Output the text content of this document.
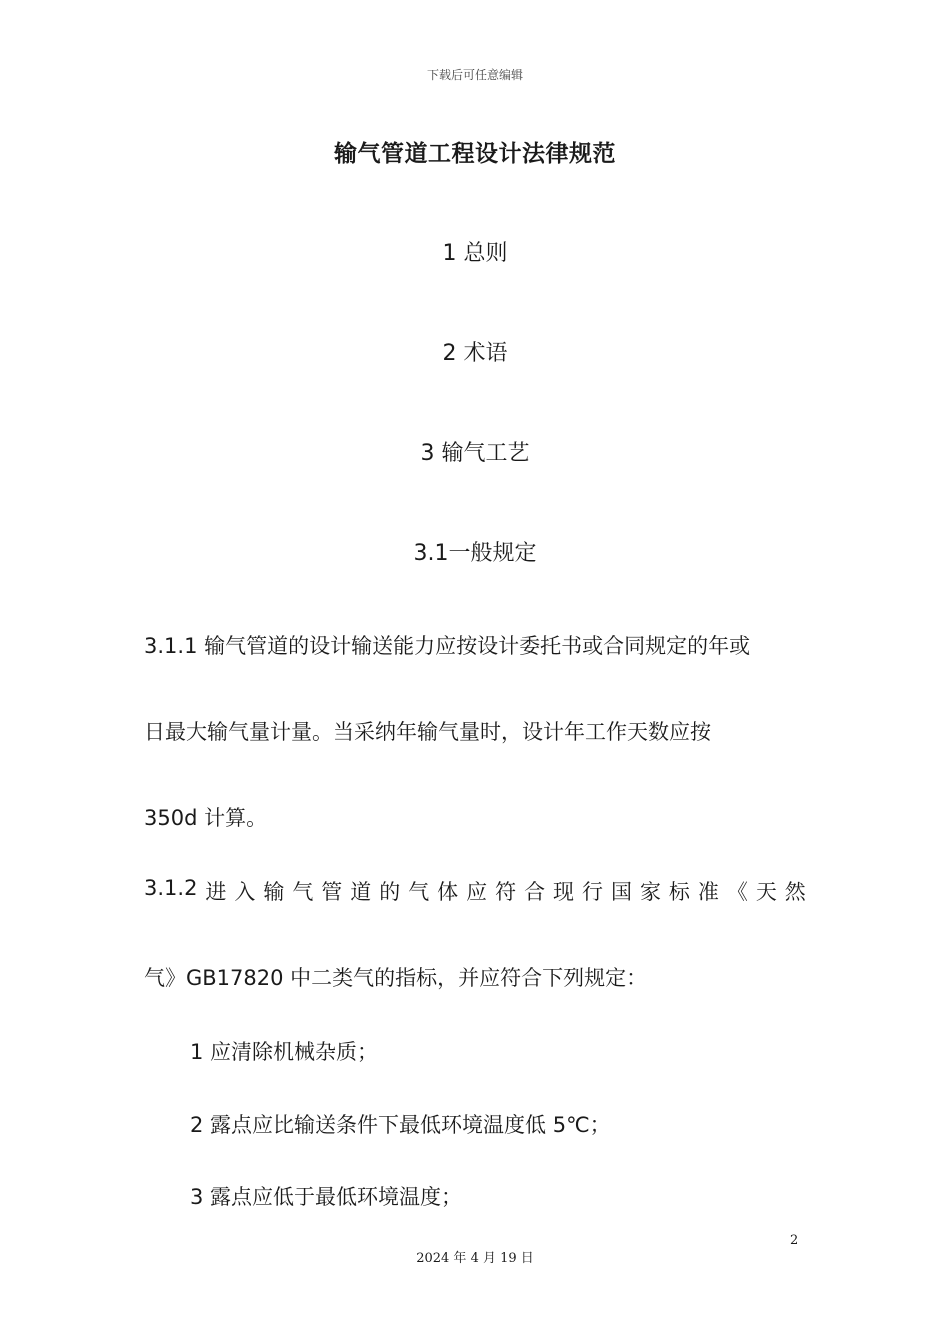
下载后可任意编辑
输气管道工程设计法律规范
1 总则
2 术语
3 输气工艺
3.1一般规定
3.1.1 输气管道的设计输送能力应按设计委托书或合同规定的年或
日最大输气量计量。当采纳年输气量时，设计年工作天数应按
350d 计算。
3.1.2 进 入 输 气 管 道 的 气 体 应 符 合 现 行 国 家 标 准 《 天 然
气》GB17820 中二类气的指标，并应符合下列规定：
1 应清除机械杂质；
2 露点应比输送条件下最低环境温度低 5℃；
3 露点应低于最低环境温度；
2
2024 年 4 月 19 日
